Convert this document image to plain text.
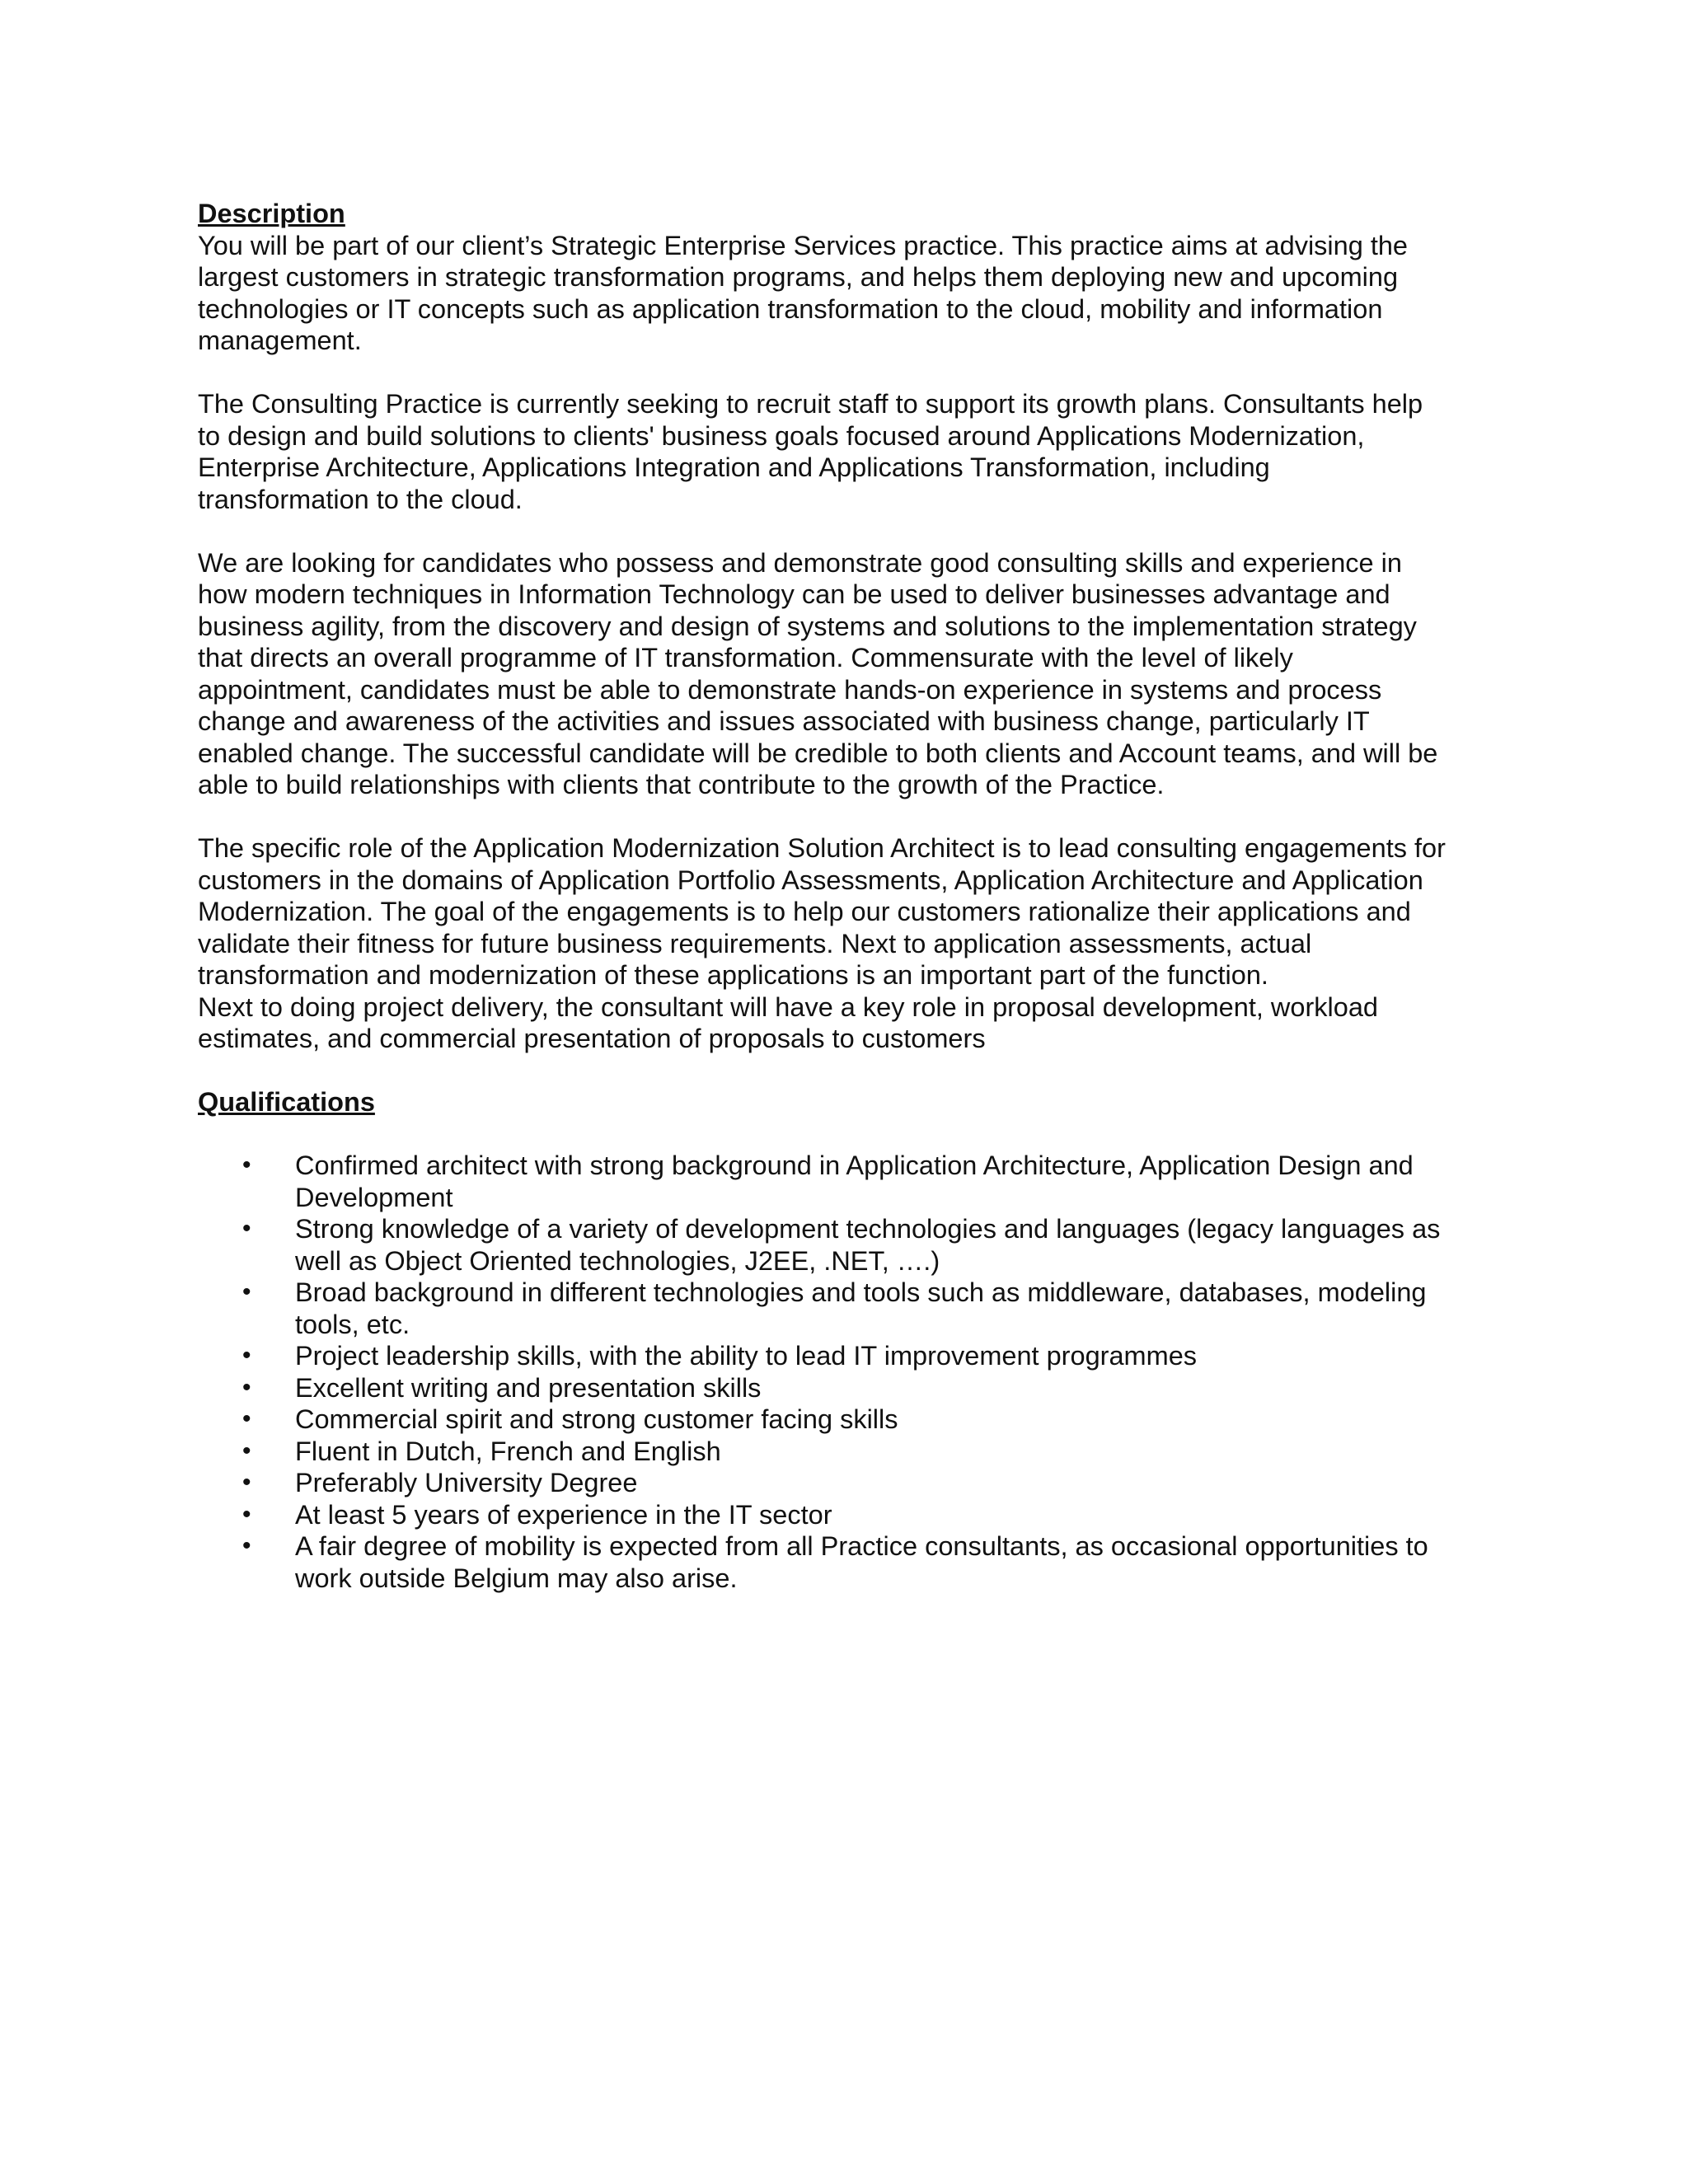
Description

You will be part of our client’s Strategic Enterprise Services practice. This practice aims at advising the
largest customers in strategic transformation programs, and helps them deploying new and upcoming
technologies or IT concepts such as application transformation to the cloud, mobility and information
management.

The Consulting Practice is currently seeking to recruit staff to support its growth plans. Consultants help
to design and build solutions to clients' business goals focused around Applications Modernization,
Enterprise Architecture, Applications Integration and Applications Transformation, including
transformation to the cloud.

We are looking for candidates who possess and demonstrate good consulting skills and experience in
how modern techniques in Information Technology can be used to deliver businesses advantage and
business agility, from the discovery and design of systems and solutions to the implementation strategy
that directs an overall programme of IT transformation. Commensurate with the level of likely
appointment, candidates must be able to demonstrate hands-on experience in systems and process
change and awareness of the activities and issues associated with business change, particularly IT
enabled change. The successful candidate will be credible to both clients and Account teams, and will be
able to build relationships with clients that contribute to the growth of the Practice.

The specific role of the Application Modernization Solution Architect is to lead consulting engagements for
customers in the domains of Application Portfolio Assessments, Application Architecture and Application
Modernization. The goal of the engagements is to help our customers rationalize their applications and
validate their fitness for future business requirements. Next to application assessments, actual
transformation and modernization of these applications is an important part of the function.
Next to doing project delivery, the consultant will have a key role in proposal development, workload
estimates, and commercial presentation of proposals to customers

Qualifications

• Confirmed architect with strong background in Application Architecture, Application Design and
Development
• Strong knowledge of a variety of development technologies and languages (legacy languages as
well as Object Oriented technologies, J2EE, .NET, ….)
• Broad background in different technologies and tools such as middleware, databases, modeling
tools, etc.
• Project leadership skills, with the ability to lead IT improvement programmes
• Excellent writing and presentation skills
• Commercial spirit and strong customer facing skills
• Fluent in Dutch, French and English
• Preferably University Degree
• At least 5 years of experience in the IT sector
• A fair degree of mobility is expected from all Practice consultants, as occasional opportunities to
work outside Belgium may also arise.
